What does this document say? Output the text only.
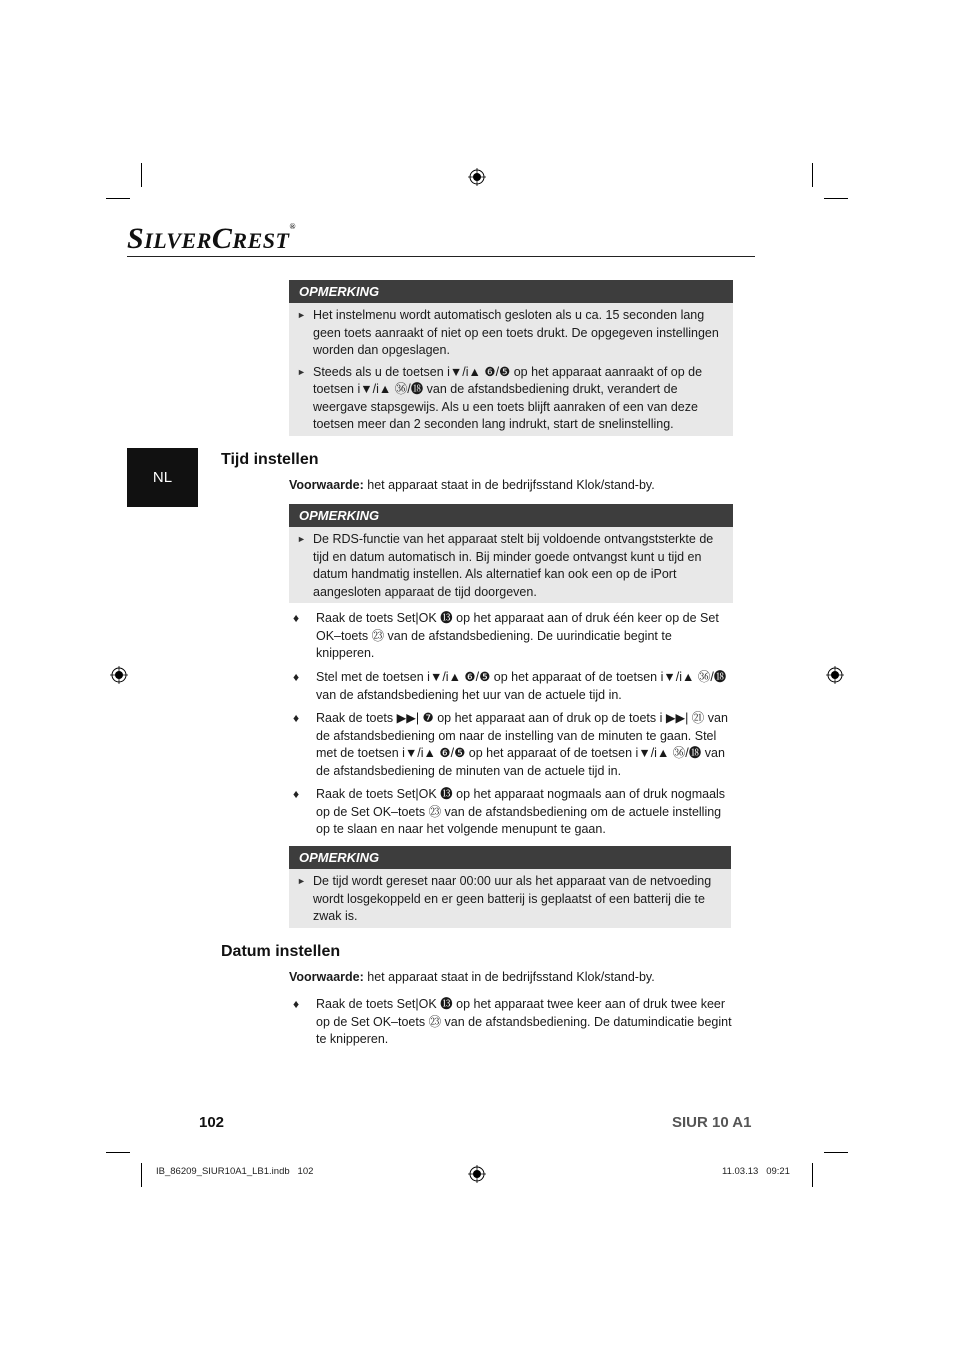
SILVERCREST®
NL
OPMERKING
► Het instelmenu wordt automatisch gesloten als u ca. 15 seconden lang geen toets aanraakt of niet op een toets drukt. De opgegeven instellingen worden dan opgeslagen.
► Steeds als u de toetsen i▼/i▲ ❻/❺ op het apparaat aanraakt of op de toetsen i▼/i▲ ㊱/⓲ van de afstandsbediening drukt, verandert de weergave stapsgewijs. Als u een toets blijft aanraken of een van deze toetsen meer dan 2 seconden lang indrukt, start de snelinstelling.
Tijd instellen
Voorwaarde: het apparaat staat in de bedrijfsstand Klok/stand-by.
OPMERKING
► De RDS-functie van het apparaat stelt bij voldoende ontvangststerkte de tijd en datum automatisch in. Bij minder goede ontvangst kunt u tijd en datum handmatig instellen. Als alternatief kan ook een op de iPort aangesloten apparaat de tijd doorgeven.
♦ Raak de toets Set|OK ⓭ op het apparaat aan of druk één keer op de Set OK–toets ㉓ van de afstandsbediening. De uurindicatie begint te knipperen.
♦ Stel met de toetsen i▼/i▲ ❻/❺ op het apparaat of de toetsen i▼/i▲ ㊱/⓲ van de afstandsbediening het uur van de actuele tijd in.
♦ Raak de toets ▶▶| ❼ op het apparaat aan of druk op de toets i ▶▶| ㉑ van de afstandsbediening om naar de instelling van de minuten te gaan. Stel met de toetsen i▼/i▲ ❻/❺ op het apparaat of de toetsen i▼/i▲ ㊱/⓲ van de afstandsbediening de minuten van de actuele tijd in.
♦ Raak de toets Set|OK ⓭ op het apparaat nogmaals aan of druk nogmaals op de Set OK–toets ㉓ van de afstandsbediening om de actuele instelling op te slaan en naar het volgende menupunt te gaan.
OPMERKING
► De tijd wordt gereset naar 00:00 uur als het apparaat van de netvoeding wordt losgekoppeld en er geen batterij is geplaatst of een batterij die te zwak is.
Datum instellen
Voorwaarde: het apparaat staat in de bedrijfsstand Klok/stand-by.
♦ Raak de toets Set|OK ⓭ op het apparaat twee keer aan of druk twee keer op de Set OK–toets ㉓ van de afstandsbediening. De datumindicatie begint te knipperen.
102	SIUR 10 A1
IB_86209_SIUR10A1_LB1.indb   102	11.03.13   09:21
